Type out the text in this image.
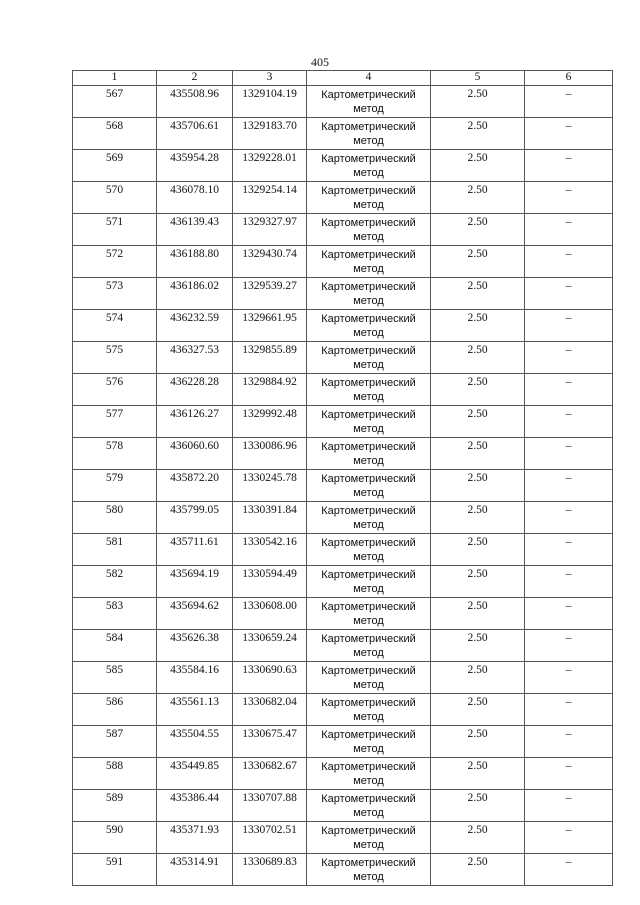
405
1	2	3	4	5	6
567	435508.96	1329104.19	Картометрический метод	2.50	–
568	435706.61	1329183.70	Картометрический метод	2.50	–
569	435954.28	1329228.01	Картометрический метод	2.50	–
570	436078.10	1329254.14	Картометрический метод	2.50	–
571	436139.43	1329327.97	Картометрический метод	2.50	–
572	436188.80	1329430.74	Картометрический метод	2.50	–
573	436186.02	1329539.27	Картометрический метод	2.50	–
574	436232.59	1329661.95	Картометрический метод	2.50	–
575	436327.53	1329855.89	Картометрический метод	2.50	–
576	436228.28	1329884.92	Картометрический метод	2.50	–
577	436126.27	1329992.48	Картометрический метод	2.50	–
578	436060.60	1330086.96	Картометрический метод	2.50	–
579	435872.20	1330245.78	Картометрический метод	2.50	–
580	435799.05	1330391.84	Картометрический метод	2.50	–
581	435711.61	1330542.16	Картометрический метод	2.50	–
582	435694.19	1330594.49	Картометрический метод	2.50	–
583	435694.62	1330608.00	Картометрический метод	2.50	–
584	435626.38	1330659.24	Картометрический метод	2.50	–
585	435584.16	1330690.63	Картометрический метод	2.50	–
586	435561.13	1330682.04	Картометрический метод	2.50	–
587	435504.55	1330675.47	Картометрический метод	2.50	–
588	435449.85	1330682.67	Картометрический метод	2.50	–
589	435386.44	1330707.88	Картометрический метод	2.50	–
590	435371.93	1330702.51	Картометрический метод	2.50	–
591	435314.91	1330689.83	Картометрический метод	2.50	–
